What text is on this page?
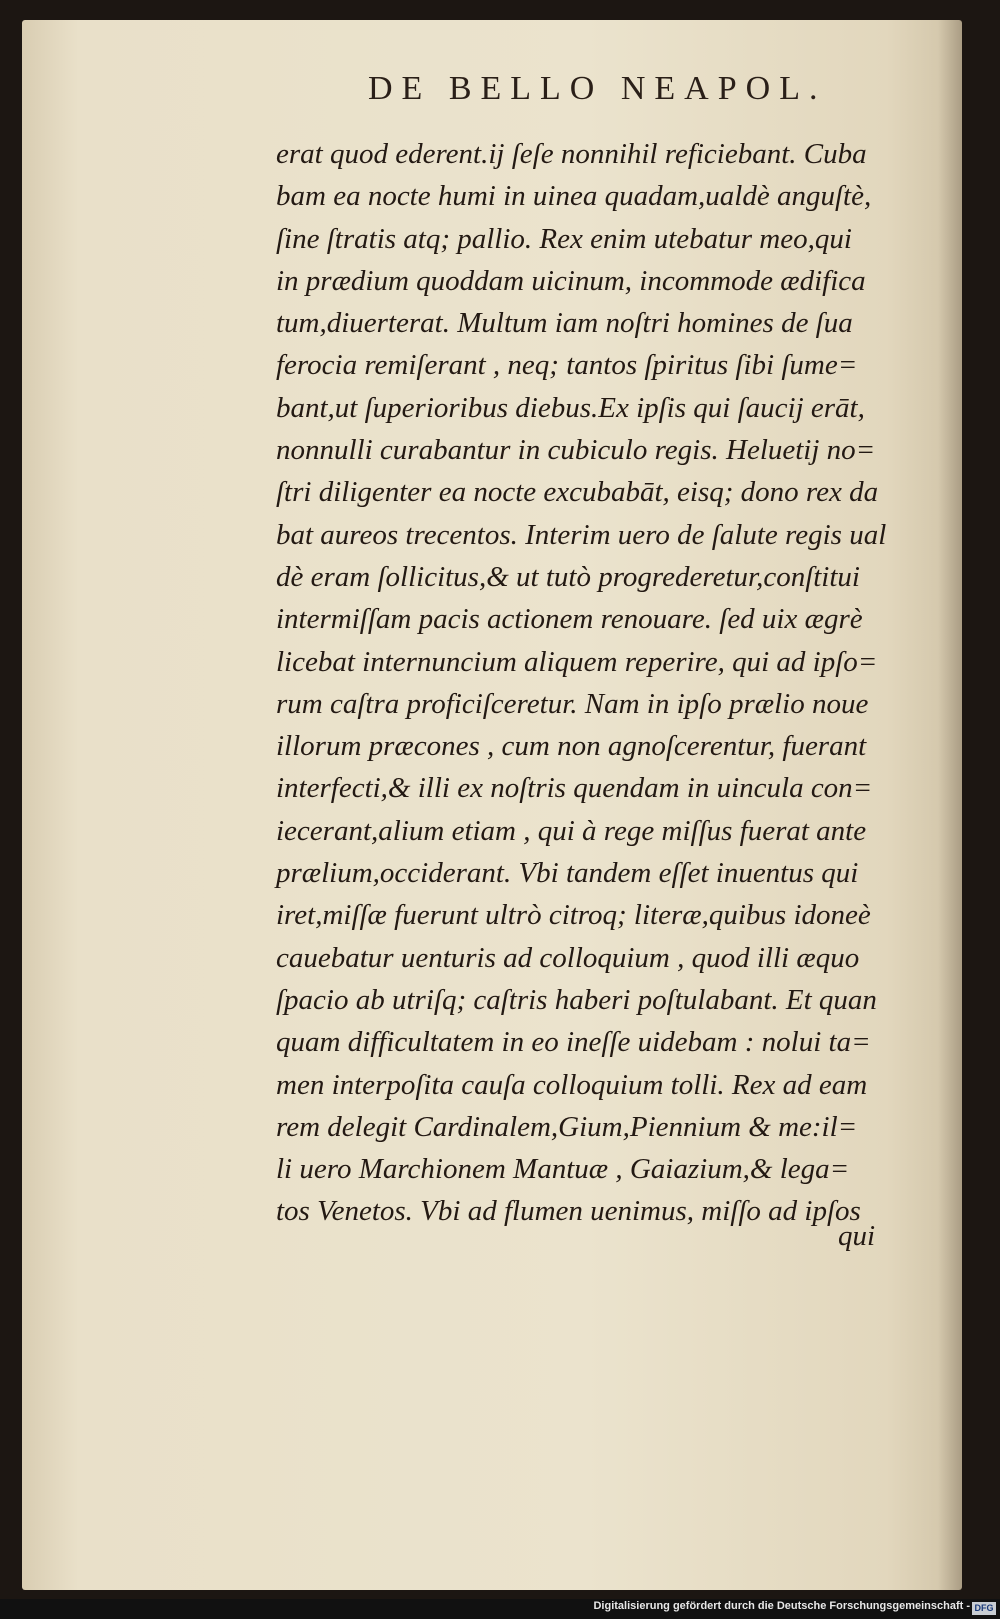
DE BELLO NEAPOL.
erat quod ederent.ij ſeſe nonnihil reficiebant. Cuba
bam ea nocte humi in uinea quadam,ualdè anguſtè,
ſine ſtratis atq; pallio. Rex enim utebatur meo,qui
in prædium quoddam uicinum, incommode ædifica
tum,diuerterat. Multum iam noſtri homines de ſua
ferocia remiſerant , neq; tantos ſpiritus ſibi ſume=
bant,ut ſuperioribus diebus.Ex ipſis qui ſaucij erāt,
nonnulli curabantur in cubiculo regis. Heluetij no=
ſtri diligenter ea nocte excubabāt, eisq; dono rex da
bat aureos trecentos. Interim uero de ſalute regis ual
dè eram ſollicitus,& ut tutò progrederetur,conſtitui
intermiſſam pacis actionem renouare. ſed uix ægrè
licebat internuncium aliquem reperire, qui ad ipſo=
rum caſtra proficiſceretur. Nam in ipſo prælio noue
illorum præcones , cum non agnoſcerentur, fuerant
interfecti,& illi ex noſtris quendam in uincula con=
iecerant,alium etiam , qui à rege miſſus fuerat ante
prælium,occiderant. Vbi tandem eſſet inuentus qui
iret,miſſæ fuerunt ultrò citroq; literæ,quibus idoneè
cauebatur uenturis ad colloquium , quod illi æquo
ſpacio ab utriſq; caſtris haberi poſtulabant. Et quan
quam difficultatem in eo ineſſe uidebam : nolui ta=
men interpoſita cauſa colloquium tolli. Rex ad eam
rem delegit Cardinalem,Gium,Piennium & me:il=
li uero Marchionem Mantuæ , Gaiazium,& lega=
tos Venetos. Vbi ad flumen uenimus, miſſo ad ipſos
qui
Digitalisierung gefördert durch die Deutsche Forschungsgemeinschaft - DFG
